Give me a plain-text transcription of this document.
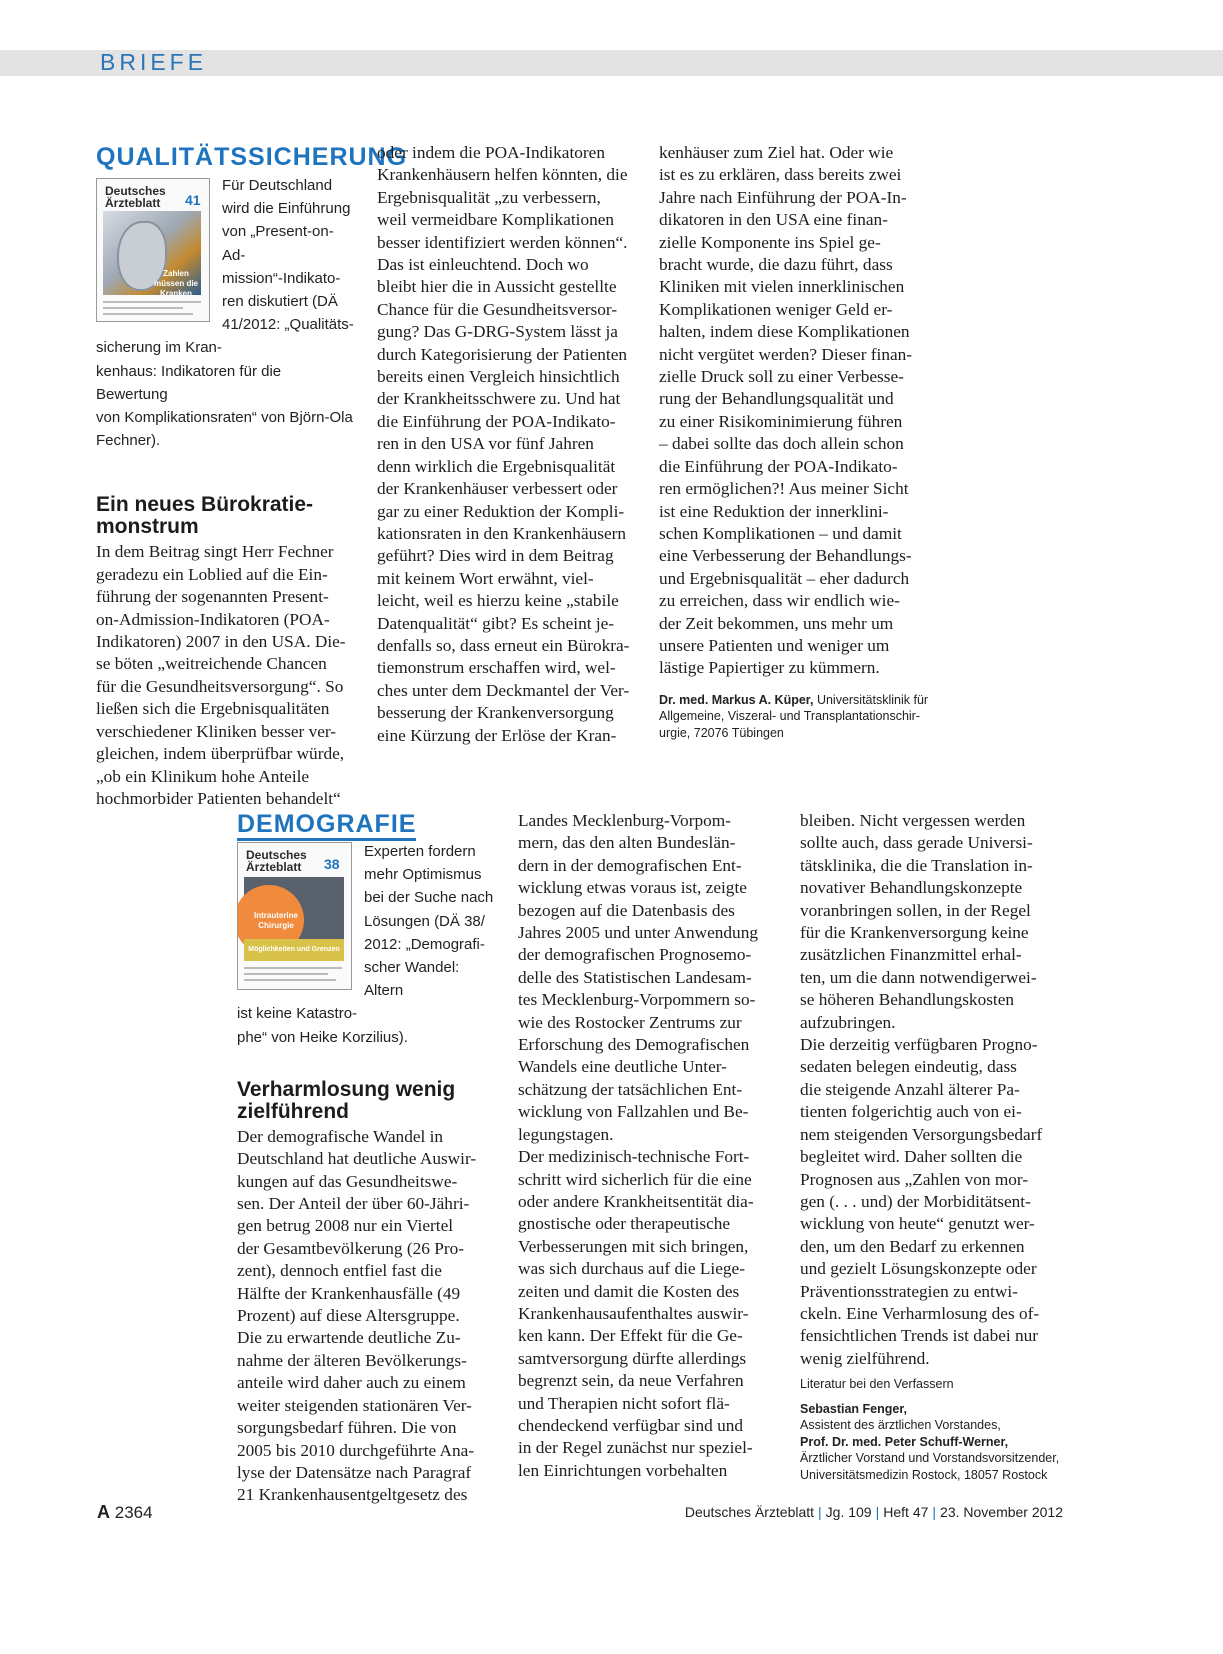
BRIEFE
QUALITÄTSSICHERUNG
Deutsches
Ärzteblatt	41
Zahlen müssen die Kranken
Für Deutschland
wird die Einführung
von „Present-on-Ad-
mission“-Indikato-
ren diskutiert (DÄ
41/2012: „Qualitäts-
sicherung im Kran-
kenhaus: Indikatoren für die Bewertung
von Komplikationsraten“ von Björn-Ola
Fechner).
Ein neues Bürokratie-
monstrum
In dem Beitrag singt Herr Fechner
geradezu ein Loblied auf die Ein-
führung der sogenannten Present-
on-Admission-Indikatoren (POA-
Indikatoren) 2007 in den USA. Die-
se böten „weitreichende Chancen
für die Gesundheitsversorgung“. So
ließen sich die Ergebnisqualitäten
verschiedener Kliniken besser ver-
gleichen, indem überprüfbar würde,
„ob ein Klinikum hohe Anteile
hochmorbider Patienten behandelt“
oder indem die POA-Indikatoren
Krankenhäusern helfen könnten, die
Ergebnisqualität „zu verbessern,
weil vermeidbare Komplikationen
besser identifiziert werden können“.
Das ist einleuchtend. Doch wo
bleibt hier die in Aussicht gestellte
Chance für die Gesundheitsversor-
gung? Das G-DRG-System lässt ja
durch Kategorisierung der Patienten
bereits einen Vergleich hinsichtlich
der Krankheitsschwere zu. Und hat
die Einführung der POA-Indikato-
ren in den USA vor fünf Jahren
denn wirklich die Ergebnisqualität
der Krankenhäuser verbessert oder
gar zu einer Reduktion der Kompli-
kationsraten in den Krankenhäusern
geführt? Dies wird in dem Beitrag
mit keinem Wort erwähnt, viel-
leicht, weil es hierzu keine „stabile
Datenqualität“ gibt? Es scheint je-
denfalls so, dass erneut ein Bürokra-
tiemonstrum erschaffen wird, wel-
ches unter dem Deckmantel der Ver-
besserung der Krankenversorgung
eine Kürzung der Erlöse der Kran-
kenhäuser zum Ziel hat. Oder wie
ist es zu erklären, dass bereits zwei
Jahre nach Einführung der POA-In-
dikatoren in den USA eine finan-
zielle Komponente ins Spiel ge-
bracht wurde, die dazu führt, dass
Kliniken mit vielen innerklinischen
Komplikationen weniger Geld er-
halten, indem diese Komplikationen
nicht vergütet werden? Dieser finan-
zielle Druck soll zu einer Verbesse-
rung der Behandlungsqualität und
zu einer Risikominimierung führen
– dabei sollte das doch allein schon
die Einführung der POA-Indikato-
ren ermöglichen?! Aus meiner Sicht
ist eine Reduktion der innerklini-
schen Komplikationen – und damit
eine Verbesserung der Behandlungs-
und Ergebnisqualität – eher dadurch
zu erreichen, dass wir endlich wie-
der Zeit bekommen, uns mehr um
unsere Patienten und weniger um
lästige Papiertiger zu kümmern.
Dr. med. Markus A. Küper, Universitätsklinik für
Allgemeine, Viszeral- und Transplantationschir-
urgie, 72076 Tübingen
DEMOGRAFIE
Deutsches
Ärzteblatt	38
Intrauterine
Chirurgie
Möglichkeiten und Grenzen
Experten fordern
mehr Optimismus
bei der Suche nach
Lösungen (DÄ 38/
2012: „Demografi-
scher Wandel: Altern
ist keine Katastro-
phe“ von Heike Korzilius).
Verharmlosung wenig
zielführend
Der demografische Wandel in
Deutschland hat deutliche Auswir-
kungen auf das Gesundheitswe-
sen. Der Anteil der über 60-Jähri-
gen betrug 2008 nur ein Viertel
der Gesamtbevölkerung (26 Pro-
zent), dennoch entfiel fast die
Hälfte der Krankenhausfälle (49
Prozent) auf diese Altersgruppe.
Die zu erwartende deutliche Zu-
nahme der älteren Bevölkerungs-
anteile wird daher auch zu einem
weiter steigenden stationären Ver-
sorgungsbedarf führen. Die von
2005 bis 2010 durchgeführte Ana-
lyse der Datensätze nach Paragraf
21 Krankenhausentgeltgesetz des
Landes Mecklenburg-Vorpom-
mern, das den alten Bundeslän-
dern in der demografischen Ent-
wicklung etwas voraus ist, zeigte
bezogen auf die Datenbasis des
Jahres 2005 und unter Anwendung
der demografischen Prognosemo-
delle des Statistischen Landesam-
tes Mecklenburg-Vorpommern so-
wie des Rostocker Zentrums zur
Erforschung des Demografischen
Wandels eine deutliche Unter-
schätzung der tatsächlichen Ent-
wicklung von Fallzahlen und Be-
legungstagen.
Der medizinisch-technische Fort-
schritt wird sicherlich für die eine
oder andere Krankheitsentität dia-
gnostische oder therapeutische
Verbesserungen mit sich bringen,
was sich durchaus auf die Liege-
zeiten und damit die Kosten des
Krankenhausaufenthaltes auswir-
ken kann. Der Effekt für die Ge-
samtversorgung dürfte allerdings
begrenzt sein, da neue Verfahren
und Therapien nicht sofort flä-
chendeckend verfügbar sind und
in der Regel zunächst nur speziel-
len Einrichtungen vorbehalten
bleiben. Nicht vergessen werden
sollte auch, dass gerade Universi-
tätsklinika, die die Translation in-
novativer Behandlungskonzepte
voranbringen sollen, in der Regel
für die Krankenversorgung keine
zusätzlichen Finanzmittel erhal-
ten, um die dann notwendigerwei-
se höheren Behandlungskosten
aufzubringen.
Die derzeitig verfügbaren Progno-
sedaten belegen eindeutig, dass
die steigende Anzahl älterer Pa-
tienten folgerichtig auch von ei-
nem steigenden Versorgungsbedarf
begleitet wird. Daher sollten die
Prognosen aus „Zahlen von mor-
gen (. . . und) der Morbiditätsent-
wicklung von heute“ genutzt wer-
den, um den Bedarf zu erkennen
und gezielt Lösungskonzepte oder
Präventionsstrategien zu entwi-
ckeln. Eine Verharmlosung des of-
fensichtlichen Trends ist dabei nur
wenig zielführend.
Literatur bei den Verfassern
Sebastian Fenger,
Assistent des ärztlichen Vorstandes,
Prof. Dr. med. Peter Schuff-Werner,
Ärztlicher Vorstand und Vorstandsvorsitzender,
Universitätsmedizin Rostock, 18057 Rostock
A 2364	Deutsches Ärzteblatt | Jg. 109 | Heft 47 | 23. November 2012
